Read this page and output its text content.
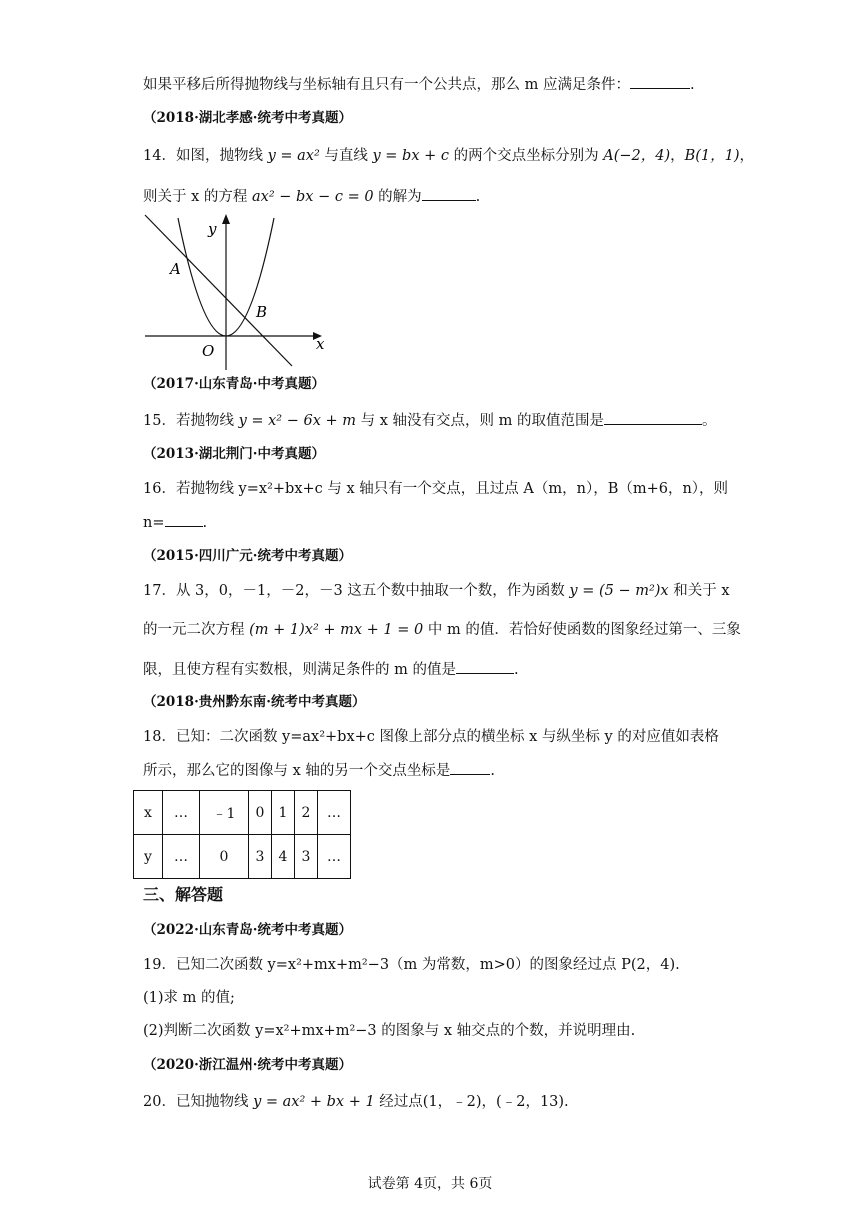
如果平移后所得抛物线与坐标轴有且只有一个公共点，那么 m 应满足条件：	.
（2018·湖北孝感·统考中考真题）
14．如图，抛物线 y = ax² 与直线 y = bx + c 的两个交点坐标分别为 A(−2，4)，B(1，1)，
则关于 x 的方程 ax² − bx − c = 0 的解为	.
y
x
O
A
B
（2017·山东青岛·中考真题）
15．若抛物线 y = x² − 6x + m 与 x 轴没有交点，则 m 的取值范围是	。
（2013·湖北荆门·中考真题）
16．若抛物线 y=x²+bx+c 与 x 轴只有一个交点，且过点 A（m，n），B（m+6，n），则
n=	.
（2015·四川广元·统考中考真题）
17．从 3，0，－1，－2，－3 这五个数中抽取一个数，作为函数 y = (5 − m²)x 和关于 x
的一元二次方程 (m + 1)x² + mx + 1 = 0 中 m 的值．若恰好使函数的图象经过第一、三象
限，且使方程有实数根，则满足条件的 m 的值是	.
（2018·贵州黔东南·统考中考真题）
18．已知：二次函数 y=ax²+bx+c 图像上部分点的横坐标 x 与纵坐标 y 的对应值如表格
所示，那么它的图像与 x 轴的另一个交点坐标是	.
x	…	﹣1	0	1	2	…
y	…	0	3	4	3	…
三、解答题
（2022·山东青岛·统考中考真题）
19．已知二次函数 y=x²+mx+m²−3（m 为常数，m>0）的图象经过点 P(2，4).
(1)求 m 的值;
(2)判断二次函数 y=x²+mx+m²−3 的图象与 x 轴交点的个数，并说明理由.
（2020·浙江温州·统考中考真题）
20．已知抛物线 y = ax² + bx + 1 经过点(1，﹣2)，(﹣2，13).
试卷第 4页，共 6页
